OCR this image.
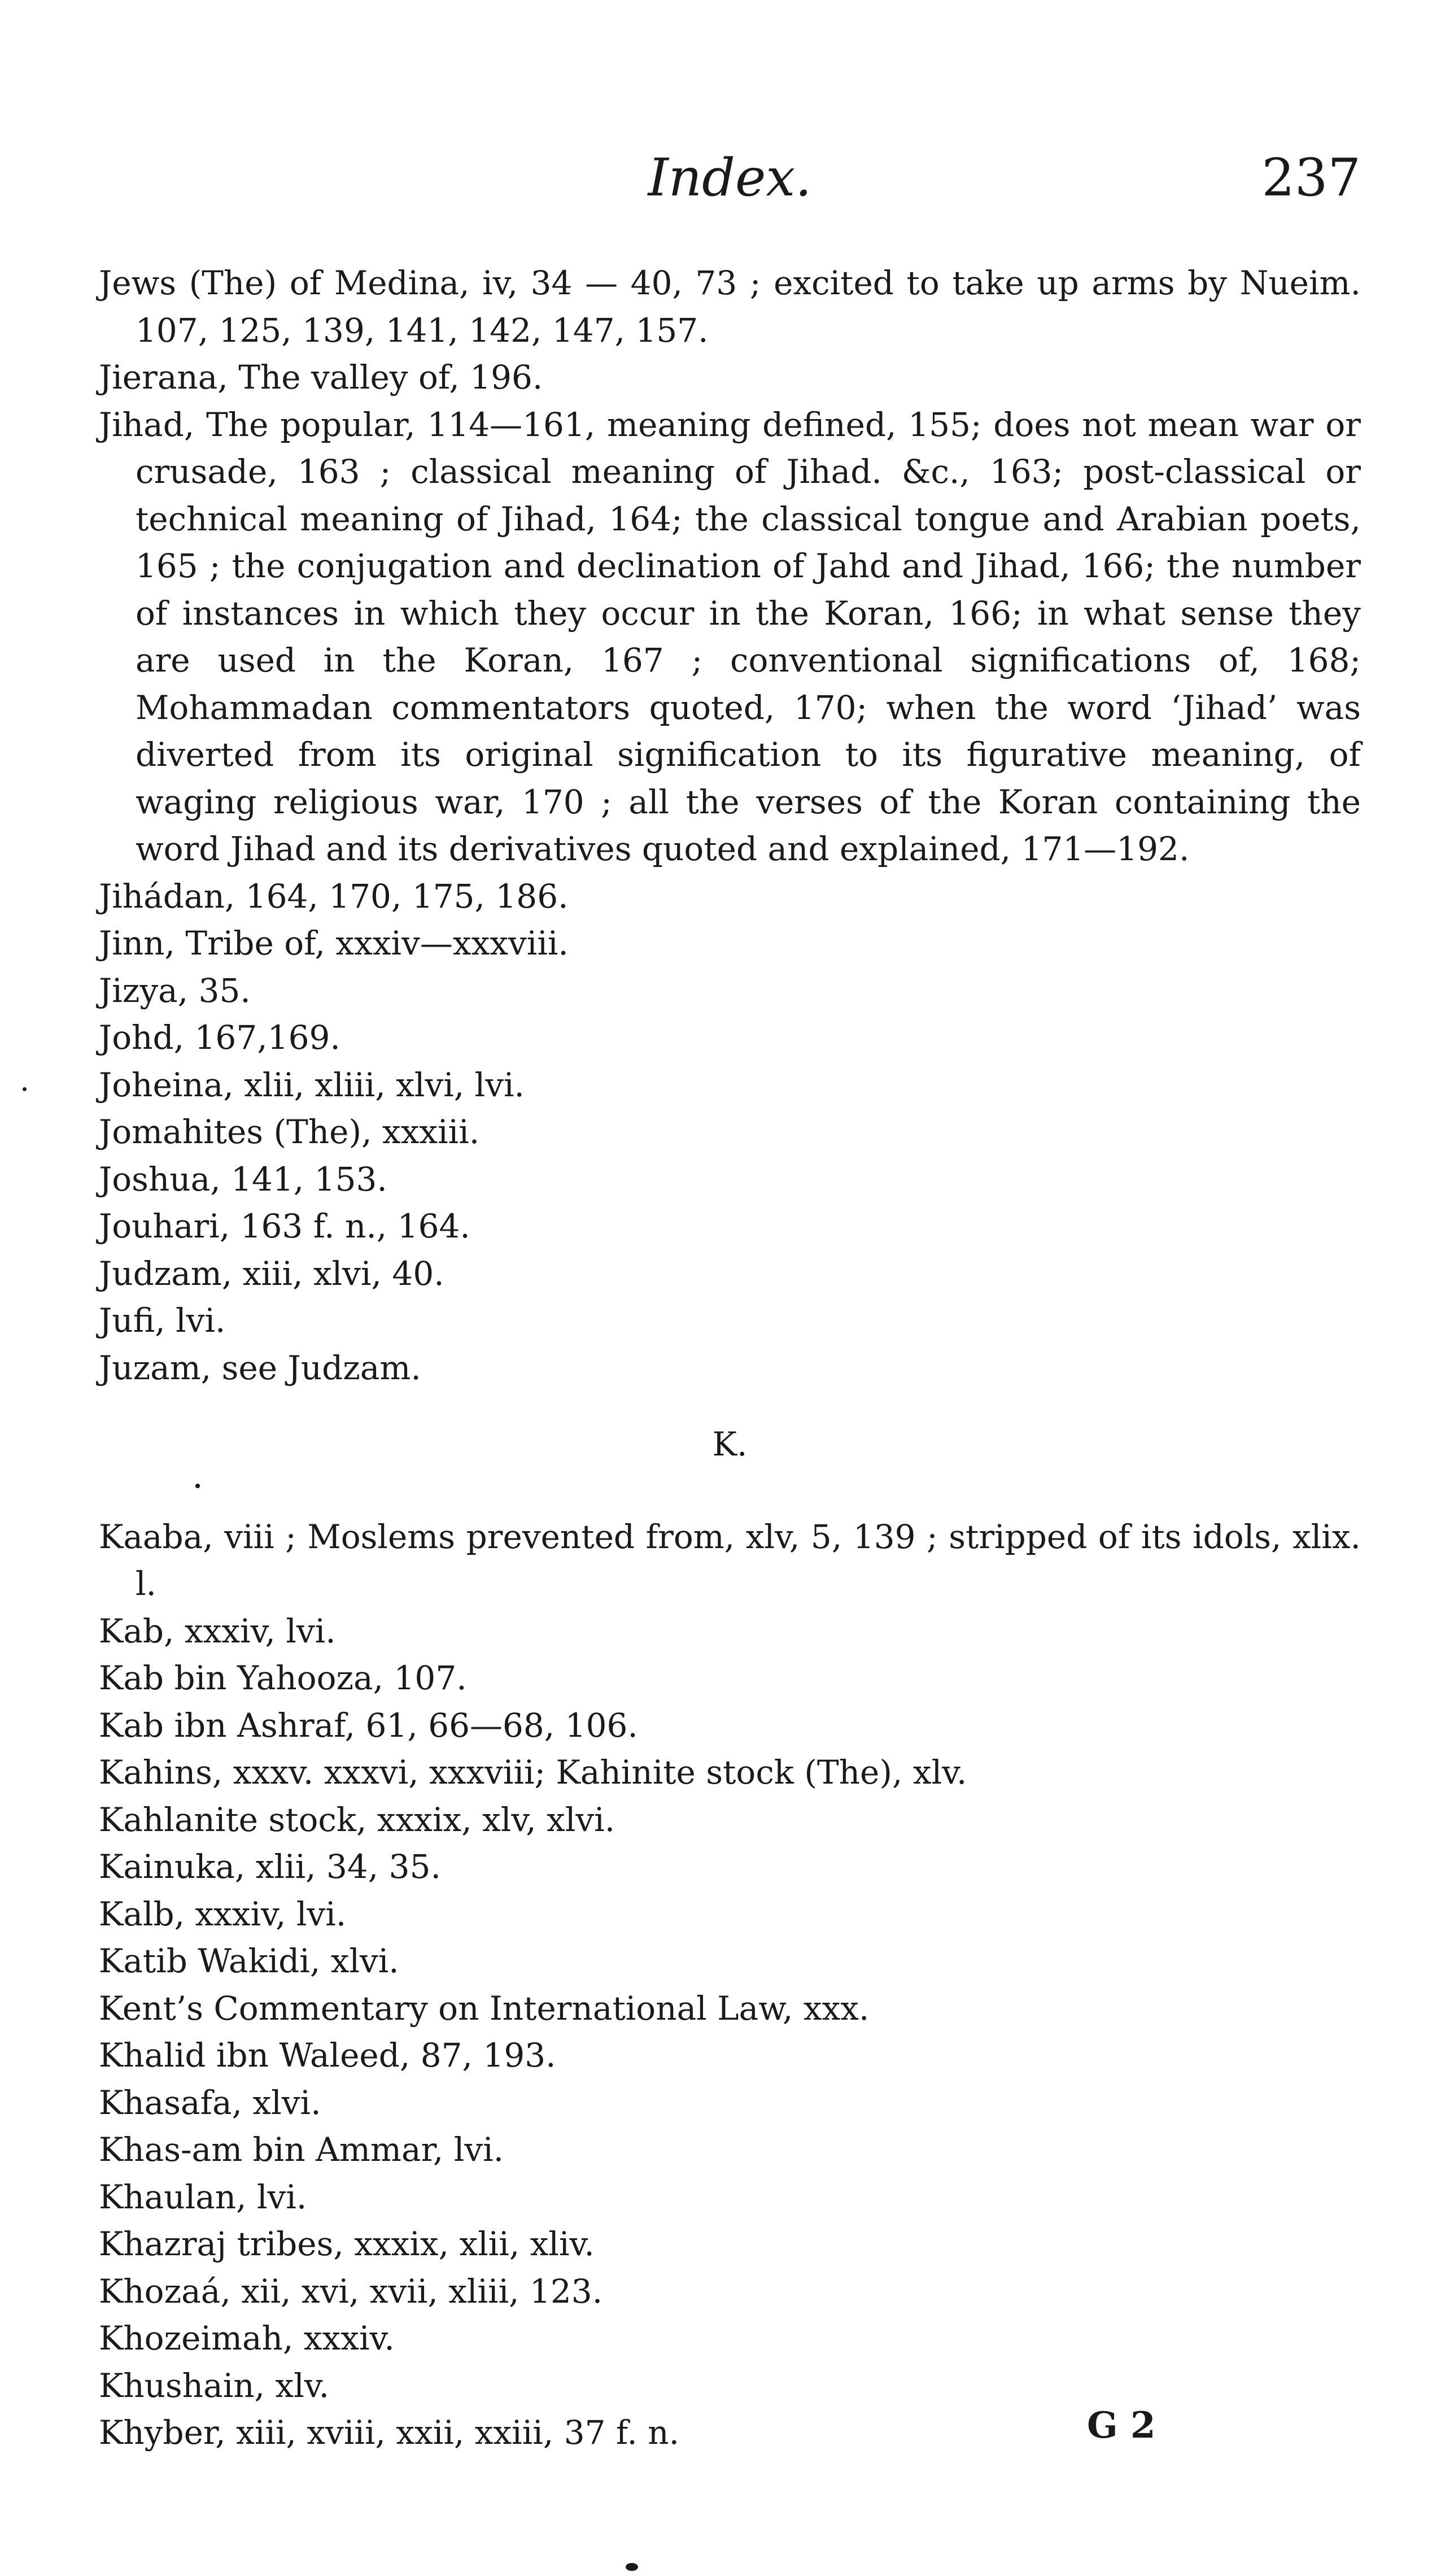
Index.	237

Jews (The) of Medina, iv, 34 — 40, 73 ; excited to take up arms by Nueim. 107, 125, 139, 141, 142, 147, 157.

Jierana, The valley of, 196.

Jihad, The popular, 114—161, meaning defined, 155; does not mean war or crusade, 163 ; classical meaning of Jihad. &c., 163; post-classical or technical meaning of Jihad, 164; the classical tongue and Arabian poets, 165 ; the conjugation and declination of Jahd and Jihad, 166; the number of instances in which they occur in the Koran, 166; in what sense they are used in the Koran, 167 ; conventional significations of, 168; Mohammadan commentators quoted, 170; when the word ‘Jihad’ was diverted from its original signification to its figurative meaning, of waging religious war, 170 ; all the verses of the Koran containing the word Jihad and its derivatives quoted and explained, 171—192.

Jihádan, 164, 170, 175, 186.

Jinn, Tribe of, xxxiv—xxxviii.

Jizya, 35.

Johd, 167,169.

Joheina, xlii, xliii, xlvi, lvi.

Jomahites (The), xxxiii.

Joshua, 141, 153.

Jouhari, 163 f. n., 164.

Judzam, xiii, xlvi, 40.

Jufi, lvi.

Juzam, see Judzam.

K.

Kaaba, viii ; Moslems prevented from, xlv, 5, 139 ; stripped of its idols, xlix. l.

Kab, xxxiv, lvi.

Kab bin Yahooza, 107.

Kab ibn Ashraf, 61, 66—68, 106.

Kahins, xxxv. xxxvi, xxxviii; Kahinite stock (The), xlv.

Kahlanite stock, xxxix, xlv, xlvi.

Kainuka, xlii, 34, 35.

Kalb, xxxiv, lvi.

Katib Wakidi, xlvi.

Kent’s Commentary on International Law, xxx.

Khalid ibn Waleed, 87, 193.

Khasafa, xlvi.

Khas-am bin Ammar, lvi.

Khaulan, lvi.

Khazraj tribes, xxxix, xlii, xliv.

Khozaá, xii, xvi, xvii, xliii, 123.

Khozeimah, xxxiv.

Khushain, xlv.

Khyber, xiii, xviii, xxii, xxiii, 37 f. n.	G 2
